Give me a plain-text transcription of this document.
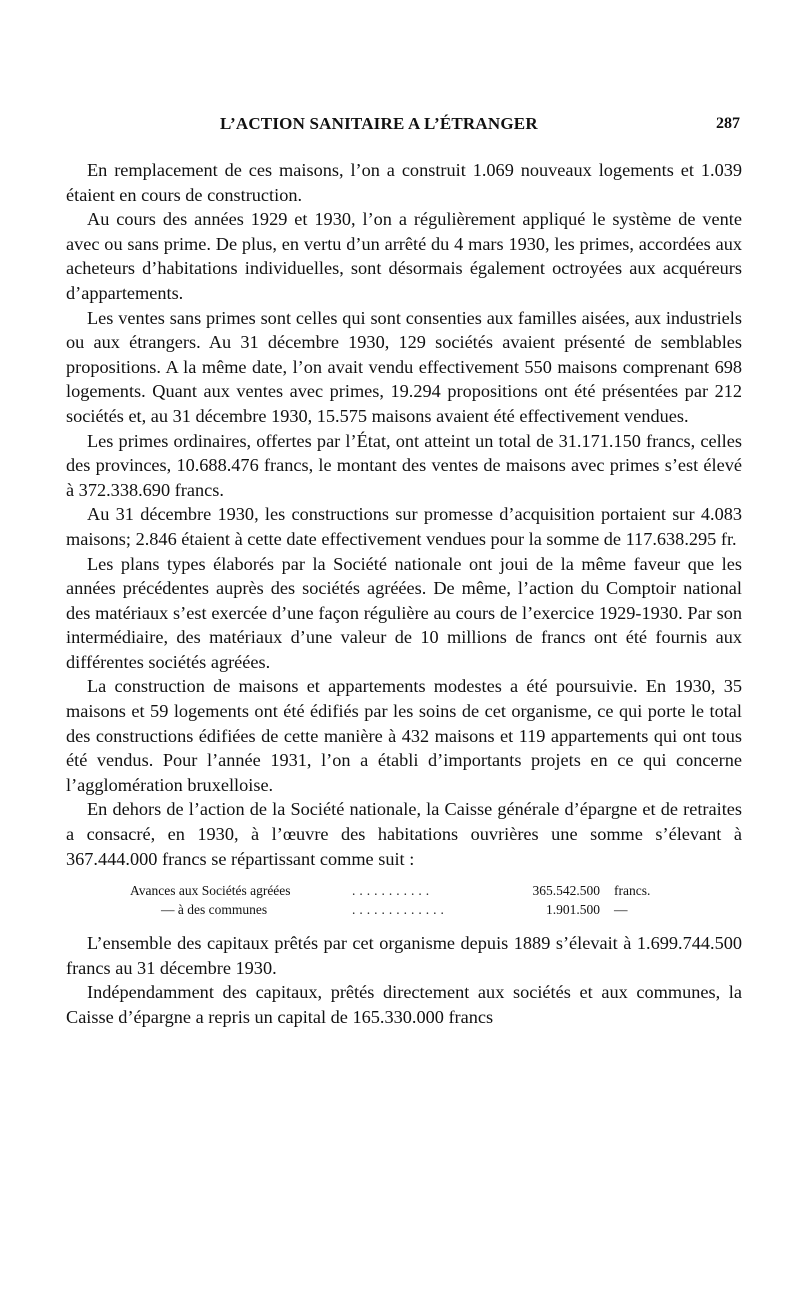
L’ACTION SANITAIRE A L’ÉTRANGER	287

En remplacement de ces maisons, l’on a construit 1.069 nouveaux logements et 1.039 étaient en cours de construction.

Au cours des années 1929 et 1930, l’on a régulièrement appliqué le système de vente avec ou sans prime. De plus, en vertu d’un arrêté du 4 mars 1930, les primes, accordées aux acheteurs d’habitations individuelles, sont désormais également octroyées aux acquéreurs d’appartements.

Les ventes sans primes sont celles qui sont consenties aux familles aisées, aux industriels ou aux étrangers. Au 31 décembre 1930, 129 sociétés avaient présenté de semblables propositions. A la même date, l’on avait vendu effectivement 550 maisons comprenant 698 logements. Quant aux ventes avec primes, 19.294 propositions ont été présentées par 212 sociétés et, au 31 décembre 1930, 15.575 maisons avaient été effectivement vendues.

Les primes ordinaires, offertes par l’État, ont atteint un total de 31.171.150 francs, celles des provinces, 10.688.476 francs, le montant des ventes de maisons avec primes s’est élevé à 372.338.690 francs.

Au 31 décembre 1930, les constructions sur promesse d’acquisition portaient sur 4.083 maisons; 2.846 étaient à cette date effectivement vendues pour la somme de 117.638.295 fr.

Les plans types élaborés par la Société nationale ont joui de la même faveur que les années précédentes auprès des sociétés agréées. De même, l’action du Comptoir national des matériaux s’est exercée d’une façon régulière au cours de l’exercice 1929-1930. Par son intermédiaire, des matériaux d’une valeur de 10 millions de francs ont été fournis aux différentes sociétés agréées.

La construction de maisons et appartements modestes a été poursuivie. En 1930, 35 maisons et 59 logements ont été édifiés par les soins de cet organisme, ce qui porte le total des constructions édifiées de cette manière à 432 maisons et 119 appartements qui ont tous été vendus. Pour l’année 1931, l’on a établi d’importants projets en ce qui concerne l’agglomération bruxelloise.

En dehors de l’action de la Société nationale, la Caisse générale d’épargne et de retraites a consacré, en 1930, à l’œuvre des habitations ouvrières une somme s’élevant à 367.444.000 francs se répartissant comme suit :

Avances aux Sociétés agréées	...........	365.542.500	francs.
— à des communes	.............	1.901.500	—

L’ensemble des capitaux prêtés par cet organisme depuis 1889 s’élevait à 1.699.744.500 francs au 31 décembre 1930.

Indépendamment des capitaux, prêtés directement aux sociétés et aux communes, la Caisse d’épargne a repris un capital de 165.330.000 francs
